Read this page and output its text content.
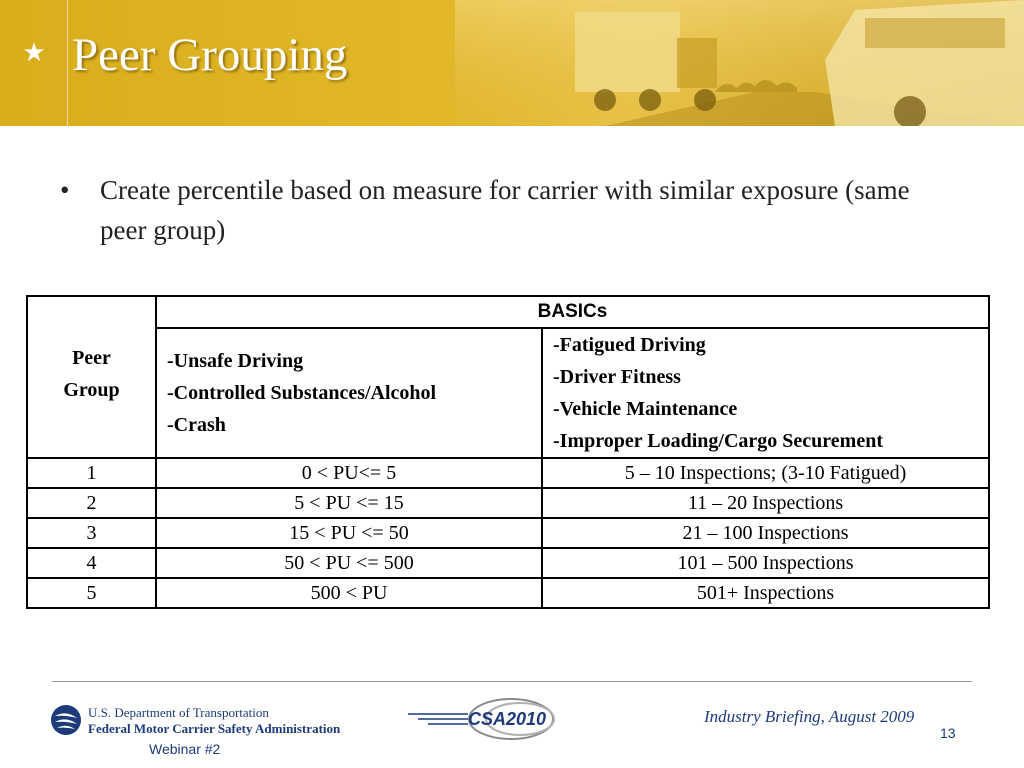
★ Peer Grouping
• Create percentile based on measure for carrier with similar exposure (same peer group)
Peer
Group	BASICs	

	-Unsafe Driving
-Controlled Substances/Alcohol
-Crash	-Fatigued Driving
-Driver Fitness
-Vehicle Maintenance
-Improper Loading/Cargo Securement

1	0 < PU<= 5	5 – 10 Inspections; (3-10 Fatigued)
2	5 < PU <= 15	11 – 20 Inspections
3	15 < PU <= 50	21 – 100 Inspections
4	50 < PU <= 500	101 – 500 Inspections
5	500 < PU	501+ Inspections
U.S. Department of Transportation
Federal Motor Carrier Safety Administration
Webinar #2
CSA2010	Industry Briefing, August 2009
13
